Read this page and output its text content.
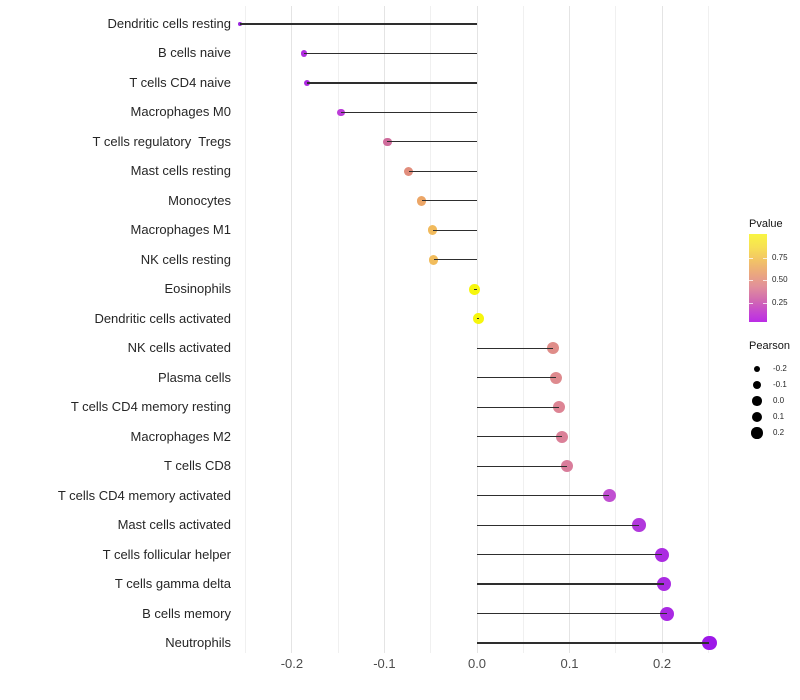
Dendritic cells resting
B cells naive
T cells CD4 naive
Macrophages M0
T cells regulatory  Tregs
Mast cells resting
Monocytes
Macrophages M1
NK cells resting
Eosinophils
Dendritic cells activated
NK cells activated
Plasma cells
T cells CD4 memory resting
Macrophages M2
T cells CD8
T cells CD4 memory activated
Mast cells activated
T cells follicular helper
T cells gamma delta
B cells memory
Neutrophils
-0.2	-0.1	0.0	0.1	0.2
Pvalue
0.75
0.50
0.25
Pearson
-0.2
-0.1
0.0
0.1
0.2
